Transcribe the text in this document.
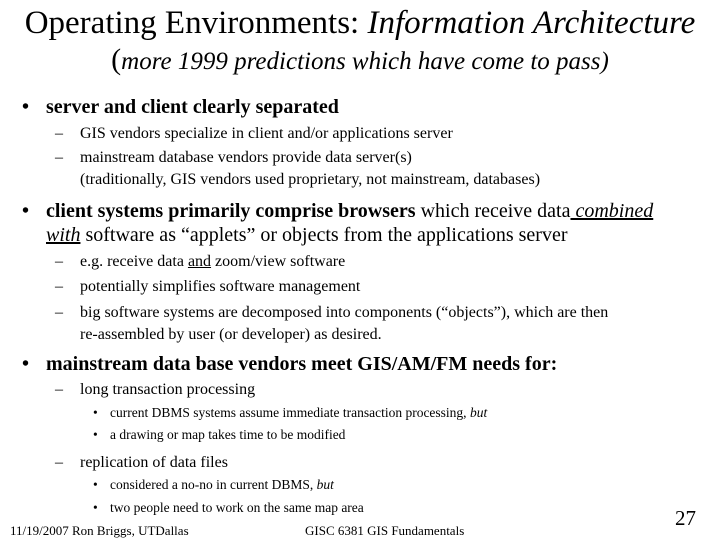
Operating Environments: Information Architecture
(more 1999 predictions which have come to pass)
• server and client clearly separated
– GIS vendors specialize in client and/or applications server
– mainstream database vendors provide data server(s)
(traditionally, GIS vendors used proprietary, not mainstream, databases)
• client systems primarily comprise browsers which receive data combined
with software as “applets” or objects from the applications server
– e.g. receive data and zoom/view software
– potentially simplifies software management
– big software systems are decomposed into components (“objects”), which are then
re-assembled by user (or developer) as desired.
• mainstream data base vendors meet GIS/AM/FM needs for:
– long transaction processing
• current DBMS systems assume immediate transaction processing, but
• a drawing or map takes time to be modified
– replication of data files
• considered a no-no in current DBMS, but
• two people need to work on the same map area
11/19/2007 Ron Briggs, UTDallas	GISC 6381 GIS Fundamentals
27
